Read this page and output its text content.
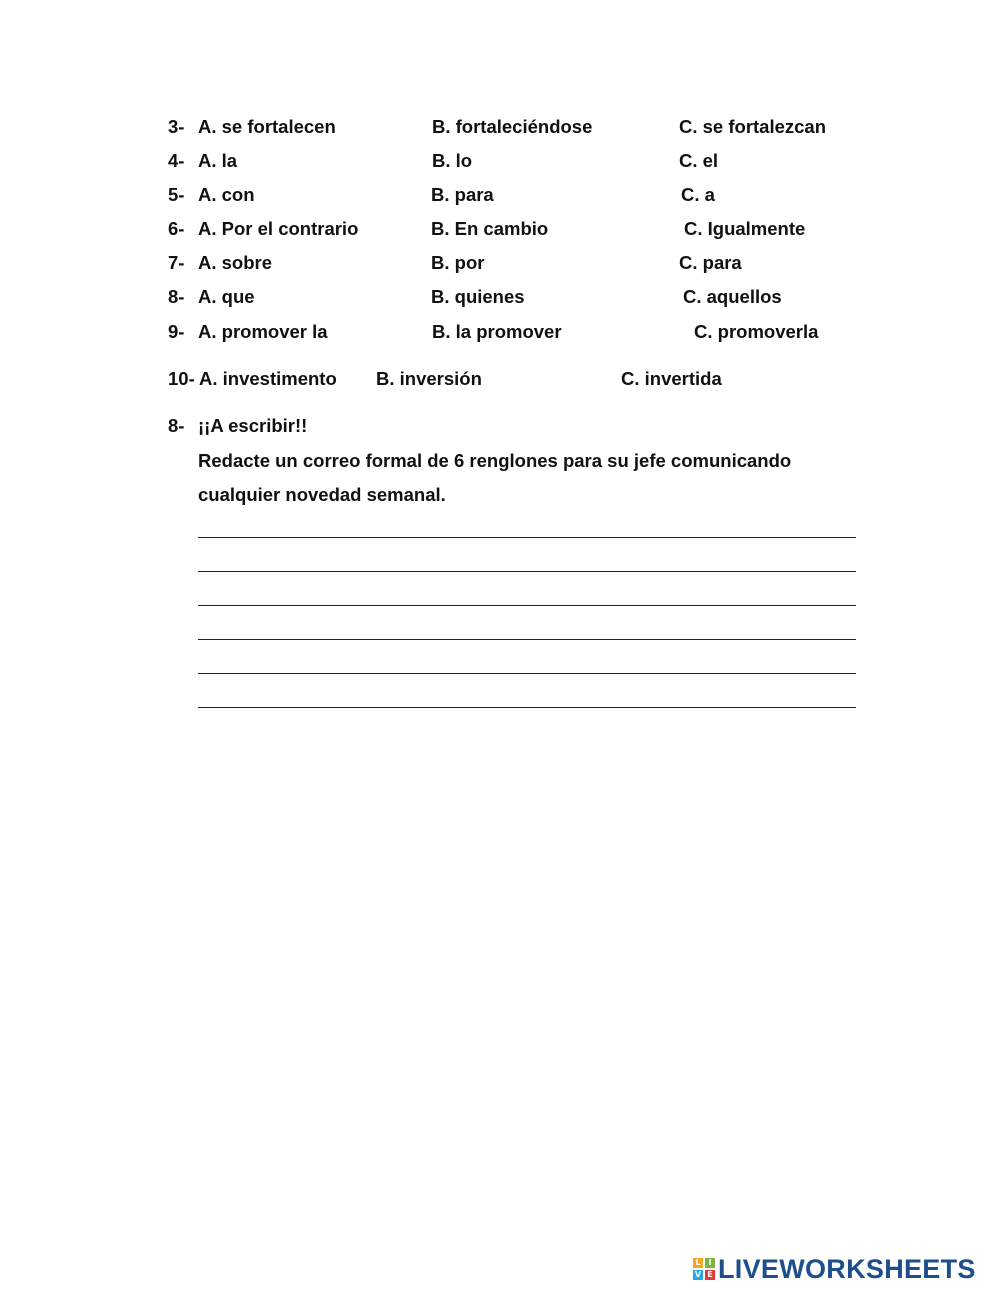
3- A. se fortalecen	B. fortaleciéndose	C. se fortalezcan
4- A. la	B. lo	C. el
5- A. con	B. para	C. a
6- A. Por el contrario	B. En cambio	C. Igualmente
7- A. sobre	B. por	C. para
8- A. que	B. quienes	C. aquellos
9- A. promover la	B. la promover	C. promoverla
10- A. investimento B. inversión	C. invertida
8- ¡¡A escribir!!
Redacte un correo formal de 6 renglones para su jefe comunicando
cualquier novedad semanal.
L I
V E LIVEWORKSHEETS
